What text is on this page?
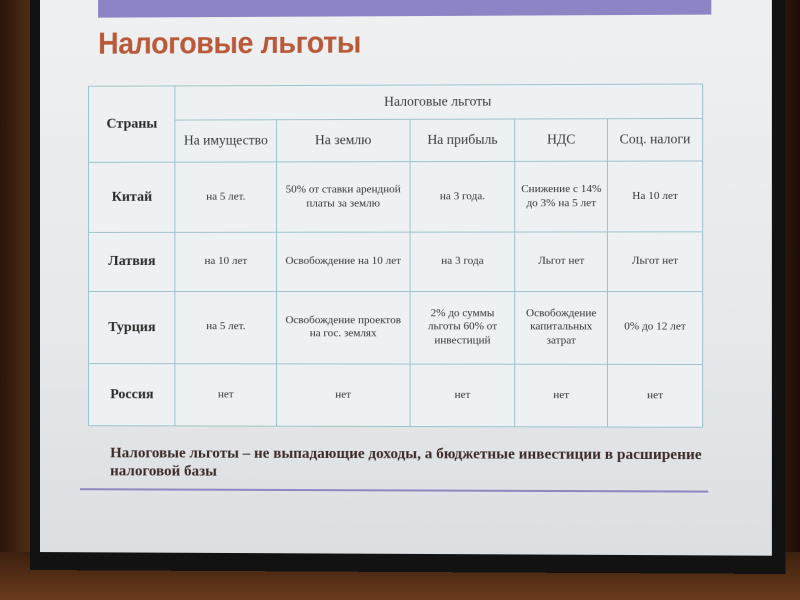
Налоговые льготы
Страны	Налоговые льготы				
	На имуществo	На землю	На прибыль	НДС	Соц. налоги
Китай	на 5 лет.	50% от ставки арендной платы за землю	на 3 года.	Снижение с 14% до 3% на 5 лет	На 10 лет
Латвия	на 10 лет	Освобождение на 10 лет	на 3 года	Льгот нет	Льгот нет
Турция	на 5 лет.	Освобождение проектов на гос. землях	2% до суммы льготы 60% от инвестиций	Освобождение капитальных затрат	0% до 12 лет
Россия	нет	нет	нет	нет	нет
Налоговые льготы – не выпадающие доходы, а бюджетные инвестиции в расширение налоговой базы
